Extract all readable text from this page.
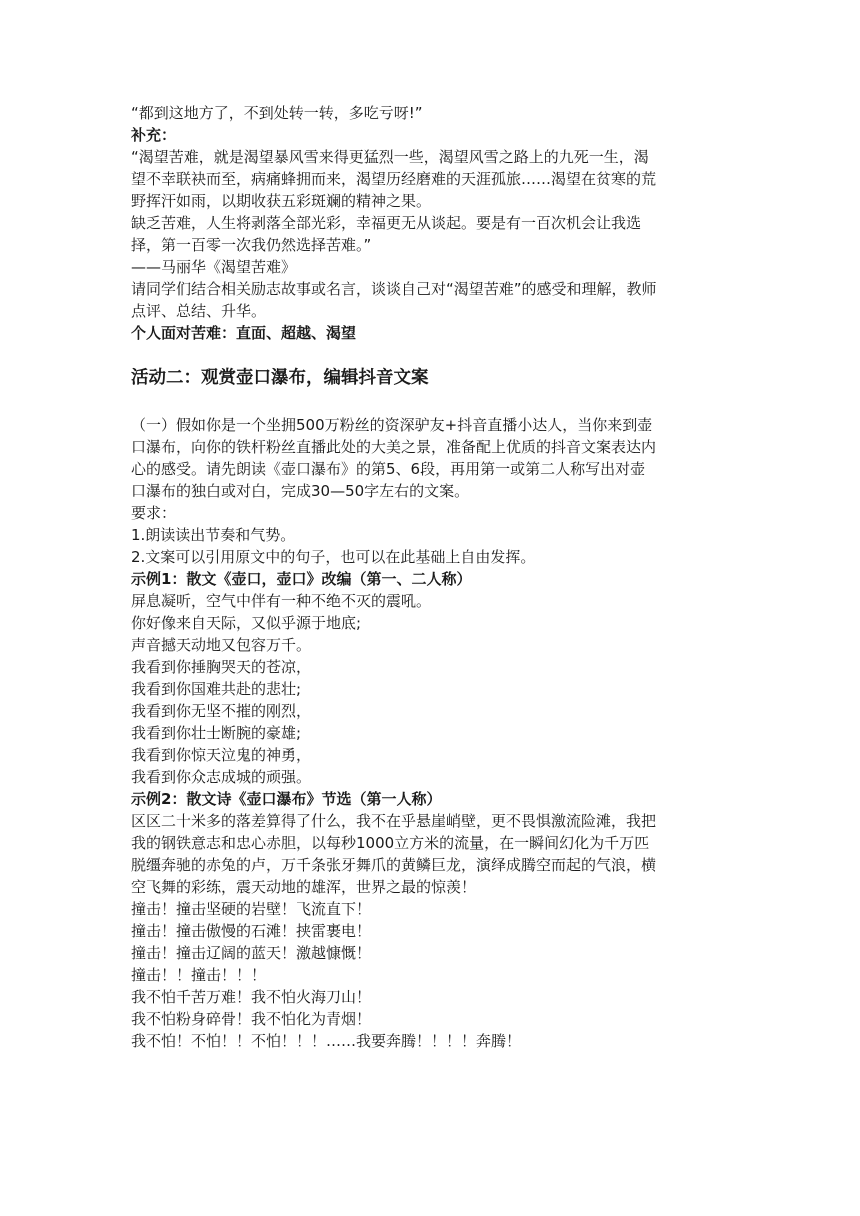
“都到这地方了，不到处转一转，多吃亏呀!”
补充：
“渴望苦难，就是渴望暴风雪来得更猛烈一些，渴望风雪之路上的九死一生，渴
望不幸联袂而至，病痛蜂拥而来，渴望历经磨难的天涯孤旅……渴望在贫寒的荒
野挥汗如雨，以期收获五彩斑斓的精神之果。
缺乏苦难，人生将剥落全部光彩，幸福更无从谈起。要是有一百次机会让我选
择，第一百零一次我仍然选择苦难。”
——马丽华《渴望苦难》
请同学们结合相关励志故事或名言，谈谈自己对“渴望苦难”的感受和理解，教师
点评、总结、升华。
个人面对苦难：直面、超越、渴望
活动二：观赏壶口瀑布，编辑抖音文案
（一）假如你是一个坐拥500万粉丝的资深驴友+抖音直播小达人，当你来到壶
口瀑布，向你的铁杆粉丝直播此处的大美之景，准备配上优质的抖音文案表达内
心的感受。请先朗读《壶口瀑布》的第5、6段，再用第一或第二人称写出对壶
口瀑布的独白或对白，完成30—50字左右的文案。
要求：
1.朗读读出节奏和气势。
2.文案可以引用原文中的句子，也可以在此基础上自由发挥。
示例1：散文《壶口，壶口》改编（第一、二人称）
屏息凝听，空气中伴有一种不绝不灭的震吼。
你好像来自天际，又似乎源于地底;
声音撼天动地又包容万千。
我看到你捶胸哭天的苍凉，
我看到你国难共赴的悲壮;
我看到你无坚不摧的刚烈，
我看到你壮士断腕的豪雄;
我看到你惊天泣鬼的神勇，
我看到你众志成城的顽强。
示例2：散文诗《壶口瀑布》节选（第一人称）
区区二十米多的落差算得了什么，我不在乎悬崖峭壁，更不畏惧激流险滩，我把
我的钢铁意志和忠心赤胆，以每秒1000立方米的流量，在一瞬间幻化为千万匹
脱缰奔驰的赤兔的卢，万千条张牙舞爪的黄鳞巨龙，演绎成腾空而起的气浪，横
空飞舞的彩练，震天动地的雄浑，世界之最的惊羡！
撞击！撞击坚硬的岩壁！飞流直下！
撞击！撞击傲慢的石滩！挟雷裹电！
撞击！撞击辽阔的蓝天！激越慷慨！
撞击！！撞击！！！
我不怕千苦万难！我不怕火海刀山！
我不怕粉身碎骨！我不怕化为青烟！
我不怕！不怕！！不怕！！！……我要奔腾！！！！奔腾！
